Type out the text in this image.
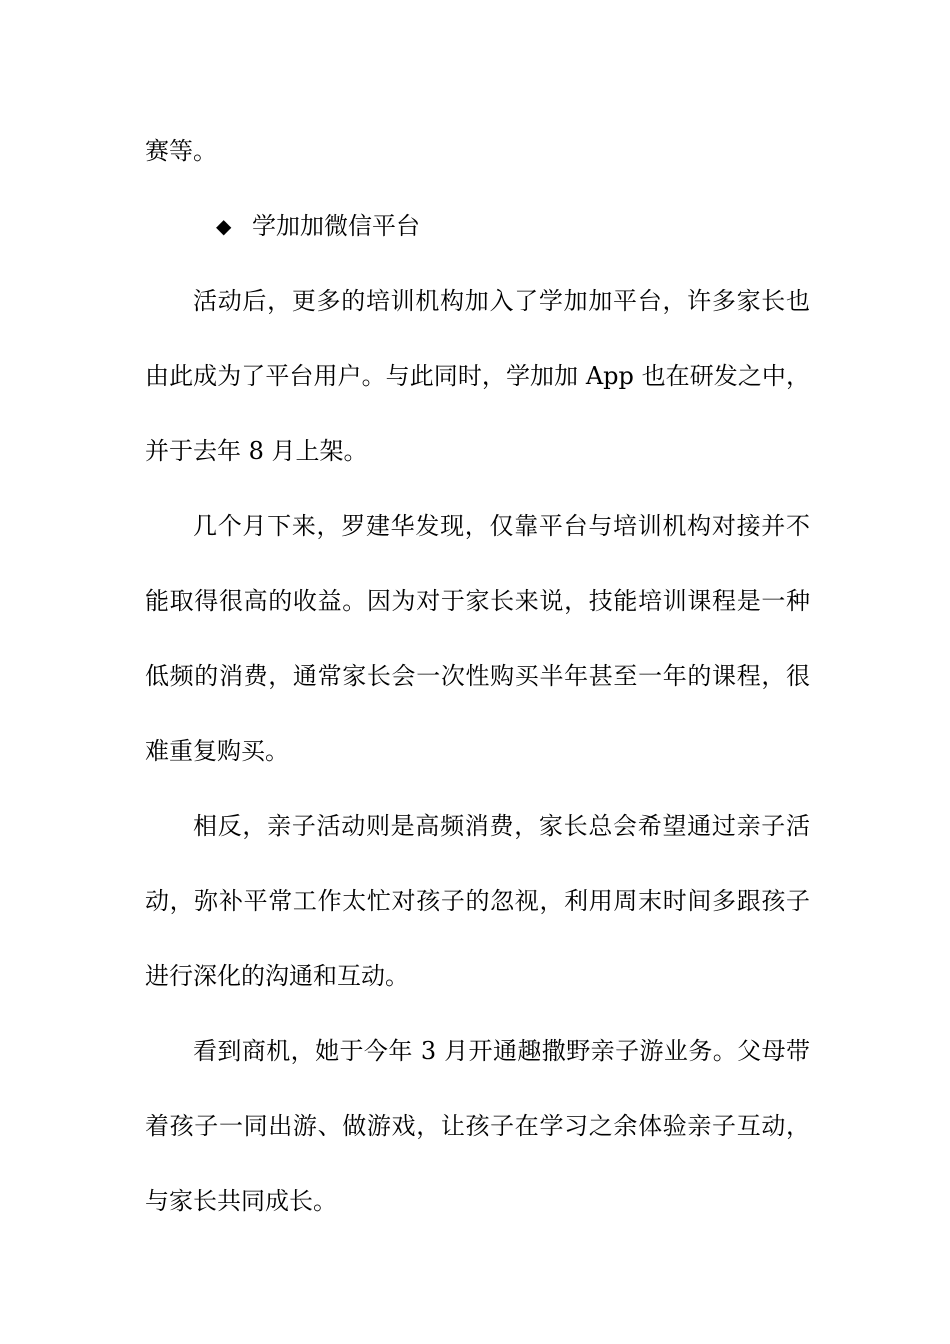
赛等。
◆ 学加加微信平台
活动后，更多的培训机构加入了学加加平台，许多家长也
由此成为了平台用户。与此同时，学加加 App 也在研发之中，
并于去年 8 月上架。
几个月下来，罗建华发现，仅靠平台与培训机构对接并不
能取得很高的收益。因为对于家长来说，技能培训课程是一种
低频的消费，通常家长会一次性购买半年甚至一年的课程，很
难重复购买。
相反，亲子活动则是高频消费，家长总会希望通过亲子活
动，弥补平常工作太忙对孩子的忽视，利用周末时间多跟孩子
进行深化的沟通和互动。
看到商机，她于今年 3 月开通趣撒野亲子游业务。父母带
着孩子一同出游、做游戏，让孩子在学习之余体验亲子互动，
与家长共同成长。
